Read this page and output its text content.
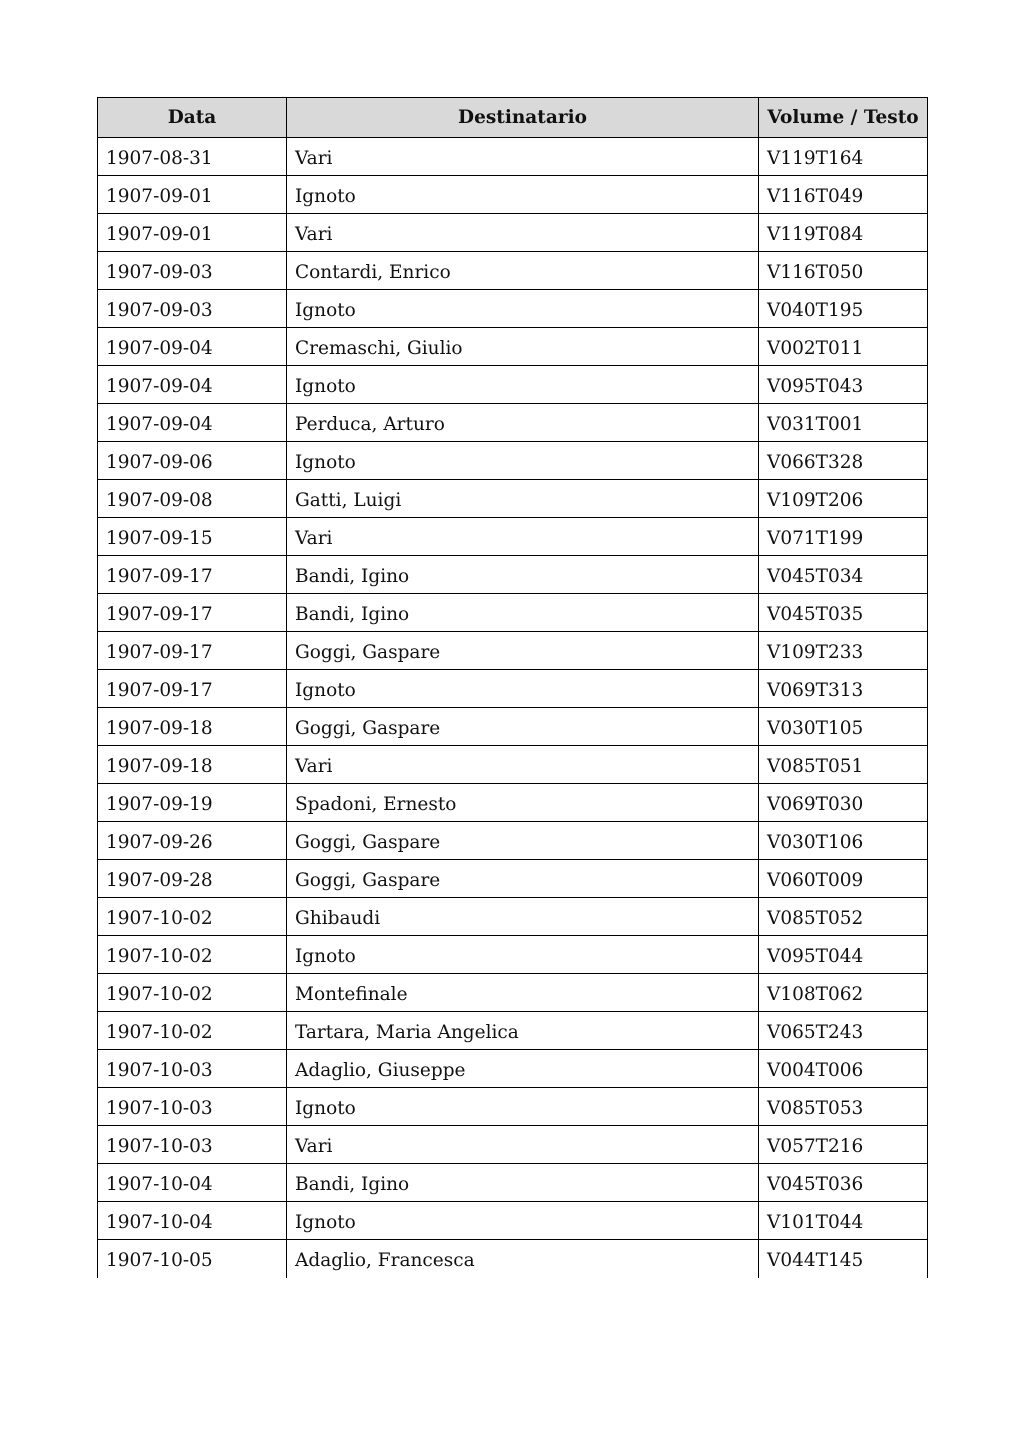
Data	Destinatario	Volume / Testo
1907-08-31	Vari	V119T164
1907-09-01	Ignoto	V116T049
1907-09-01	Vari	V119T084
1907-09-03	Contardi, Enrico	V116T050
1907-09-03	Ignoto	V040T195
1907-09-04	Cremaschi, Giulio	V002T011
1907-09-04	Ignoto	V095T043
1907-09-04	Perduca, Arturo	V031T001
1907-09-06	Ignoto	V066T328
1907-09-08	Gatti, Luigi	V109T206
1907-09-15	Vari	V071T199
1907-09-17	Bandi, Igino	V045T034
1907-09-17	Bandi, Igino	V045T035
1907-09-17	Goggi, Gaspare	V109T233
1907-09-17	Ignoto	V069T313
1907-09-18	Goggi, Gaspare	V030T105
1907-09-18	Vari	V085T051
1907-09-19	Spadoni, Ernesto	V069T030
1907-09-26	Goggi, Gaspare	V030T106
1907-09-28	Goggi, Gaspare	V060T009
1907-10-02	Ghibaudi	V085T052
1907-10-02	Ignoto	V095T044
1907-10-02	Montefinale	V108T062
1907-10-02	Tartara, Maria Angelica	V065T243
1907-10-03	Adaglio, Giuseppe	V004T006
1907-10-03	Ignoto	V085T053
1907-10-03	Vari	V057T216
1907-10-04	Bandi, Igino	V045T036
1907-10-04	Ignoto	V101T044
1907-10-05	Adaglio, Francesca	V044T145
